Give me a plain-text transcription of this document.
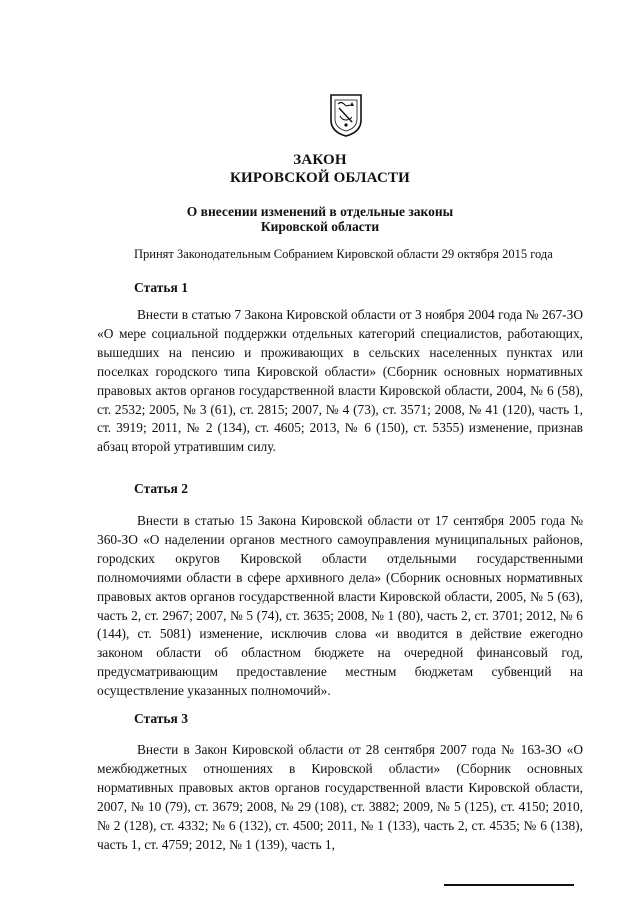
ЗАКОН
КИРОВСКОЙ ОБЛАСТИ
О внесении изменений в отдельные законы
Кировской области
Принят Законодательным Собранием Кировской области 29 октября 2015 года
Статья 1

Внести в статью 7 Закона Кировской области от 3 ноября 2004 года № 267-ЗО «О мере социальной поддержки отдельных категорий специалистов, работающих, вышедших на пенсию и проживающих в сельских населенных пунктах или поселках городского типа Кировской области» (Сборник основных нормативных правовых актов органов государственной власти Кировской области, 2004, № 6 (58), ст. 2532; 2005, № 3 (61), ст. 2815; 2007, № 4 (73), ст. 3571; 2008, № 41 (120), часть 1, ст. 3919; 2011, № 2 (134), ст. 4605; 2013, № 6 (150), ст. 5355) изменение, признав абзац второй утратившим силу.

Статья 2

Внести в статью 15 Закона Кировской области от 17 сентября 2005 года № 360-ЗО «О наделении органов местного самоуправления муниципальных районов, городских округов Кировской области отдельными государственными полномочиями области в сфере архивного дела» (Сборник основных нормативных правовых актов органов государственной власти Кировской области, 2005, № 5 (63), часть 2, ст. 2967; 2007, № 5 (74), ст. 3635; 2008, № 1 (80), часть 2, ст. 3701; 2012, № 6 (144), ст. 5081) изменение, исключив слова «и вводится в действие ежегодно законом области об областном бюджете на очередной финансовый год, предусматривающим предоставление местным бюджетам субвенций на осуществление указанных полномочий».

Статья 3

Внести в Закон Кировской области от 28 сентября 2007 года № 163-ЗО «О межбюджетных отношениях в Кировской области» (Сборник основных нормативных правовых актов органов государственной власти Кировской области, 2007, № 10 (79), ст. 3679; 2008, № 29 (108), ст. 3882; 2009, № 5 (125), ст. 4150; 2010, № 2 (128), ст. 4332; № 6 (132), ст. 4500; 2011, № 1 (133), часть 2, ст. 4535; № 6 (138), часть 1, ст. 4759; 2012, № 1 (139), часть 1,
